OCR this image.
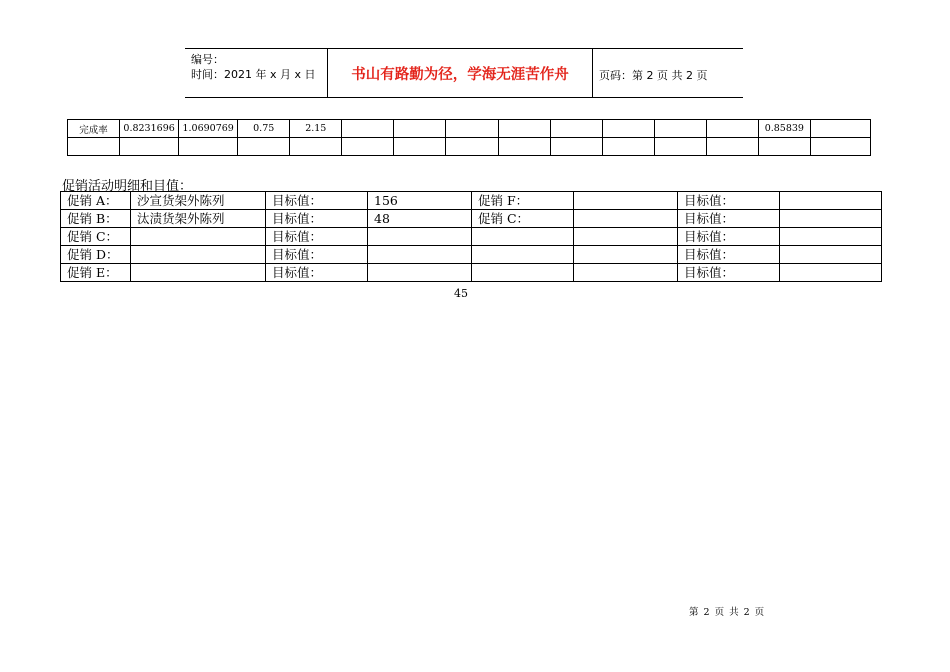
编号：
时间：2021 年 x 月 x 日	书山有路勤为径，学海无涯苦作舟	页码：第 2 页 共 2 页
完成率	0.8231696	1.0690769	0.75	2.15									0.85839	

促销活动明细和目值：
促销 A：	沙宣货架外陈列	目标值：	156	促销 F：		目标值：	
促销 B：	汰渍货架外陈列	目标值：	48	促销 C：		目标值：	
促销 C：		目标值：				目标值：	
促销 D：		目标值：				目标值：	
促销 E：		目标值：				目标值：	
45
第 2 页 共 2 页
